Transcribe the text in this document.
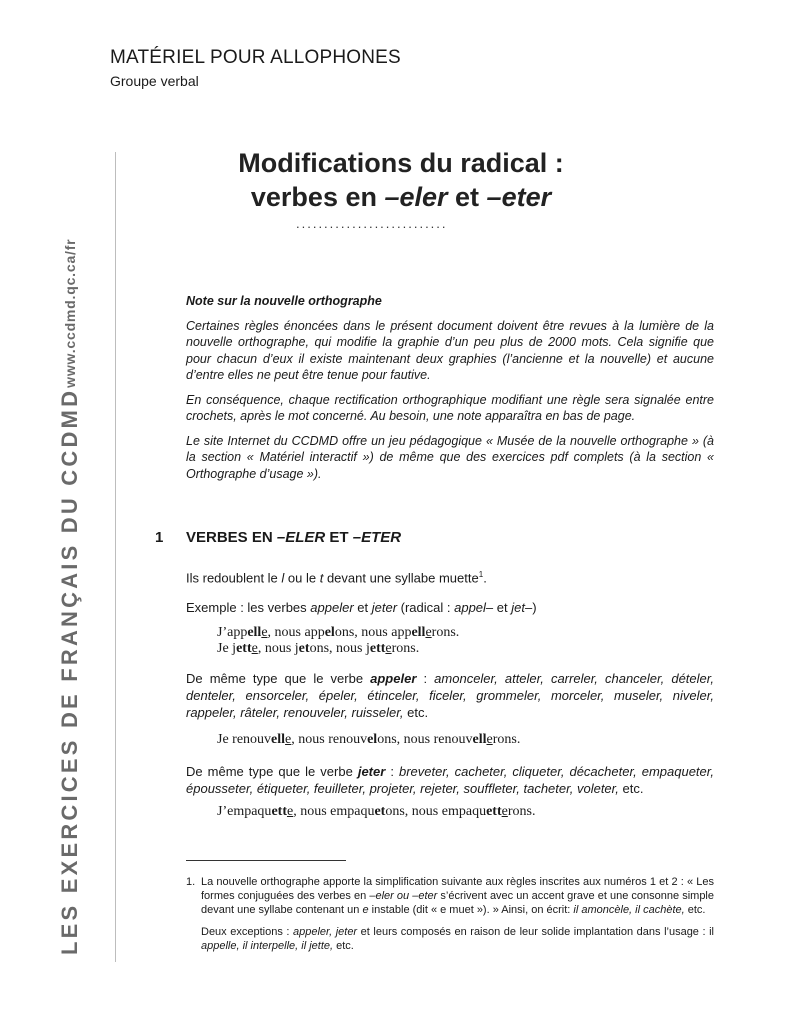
MATÉRIEL POUR ALLOPHONES
Groupe verbal
LES EXERCICES DE FRANÇAIS DU CCDMD
www.ccdmd.qc.ca/fr
Modifications du radical :
verbes en –eler et –eter
...........................
Note sur la nouvelle orthographe

Certaines règles énoncées dans le présent document doivent être revues à la lumière de la nouvelle orthographe, qui modifie la graphie d’un peu plus de 2000 mots. Cela signifie que pour chacun d’eux il existe maintenant deux graphies (l’ancienne et la nouvelle) et aucune d’entre elles ne peut être tenue pour fautive.

En conséquence, chaque rectification orthographique modifiant une règle sera signalée entre crochets, après le mot concerné. Au besoin, une note apparaîtra en bas de page.

Le site Internet du CCDMD offre un jeu pédagogique « Musée de la nouvelle orthographe » (à la section « Matériel interactif ») de même que des exercices pdf complets (à la section « Orthographe d’usage »).

1 VERBES EN –ELER ET –ETER
Ils redoublent le l ou le t devant une syllabe muette$^1$.
Exemple : les verbes appeler et jeter (radical : appel– et jet–)
J’appelle, nous appelons, nous appellerons.
Je jette, nous jetons, nous jetterons.
De même type que le verbe appeler : amonceler, atteler, carreler, chanceler, dételer, denteler, ensorceler, épeler, étinceler, ficeler, grommeler, morceler, museler, niveler, rappeler, râteler, renouveler, ruisseler, etc.
Je renouvelle, nous renouvelons, nous renouvellerons.
De même type que le verbe jeter : breveter, cacheter, cliqueter, décacheter, empaqueter, épousseter, étiqueter, feuilleter, projeter, rejeter, souffleter, tacheter, voleter, etc.
J’empaquette, nous empaquetons, nous empaquetterons.
1. La nouvelle orthographe apporte la simplification suivante aux règles inscrites aux numéros 1 et 2 : « Les formes conjuguées des verbes en –eler ou –eter s’écrivent avec un accent grave et une consonne simple devant une syllabe contenant un e instable (dit « e muet »). » Ainsi, on écrit: il amoncèle, il cachète, etc.

Deux exceptions : appeler, jeter et leurs composés en raison de leur solide implantation dans l’usage : il appelle, il interpelle, il jette, etc.
